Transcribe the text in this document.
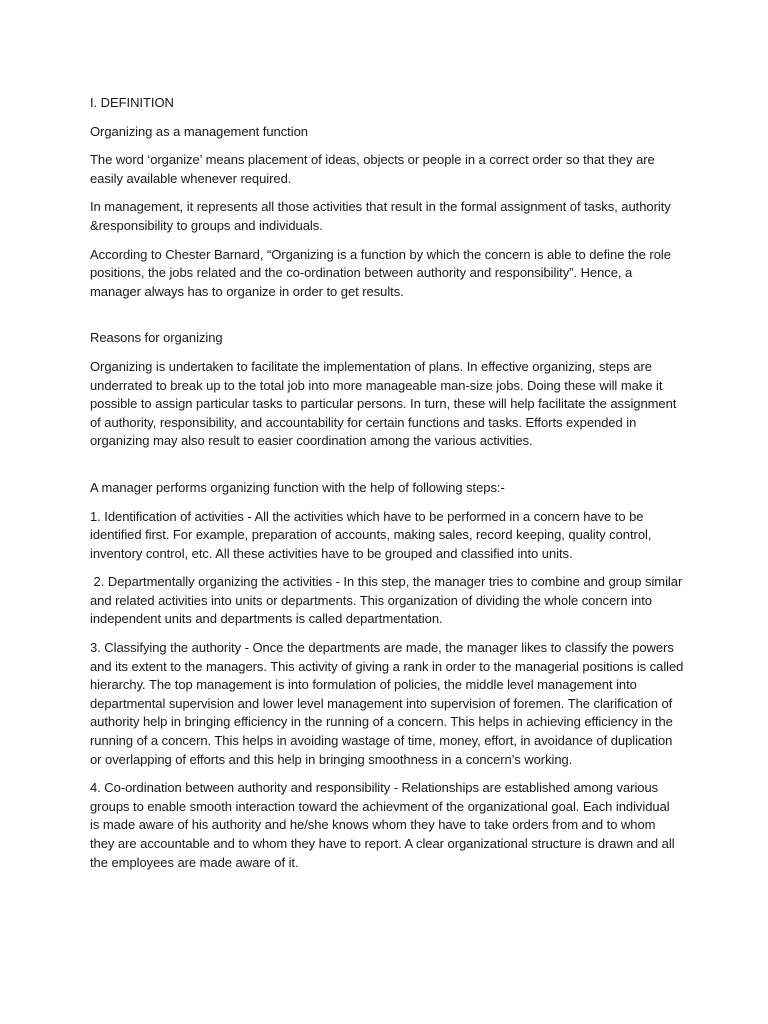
I. DEFINITION

Organizing as a management function

The word ‘organize’ means placement of ideas, objects or people in a correct order so that they are

easily available whenever required.

In management, it represents all those activities that result in the formal assignment of tasks, authority

&responsibility to groups and individuals.

According to Chester Barnard, “Organizing is a function by which the concern is able to define the role

positions, the jobs related and the co-ordination between authority and responsibility”. Hence, a

manager always has to organize in order to get results.

Reasons for organizing

Organizing is undertaken to facilitate the implementation of plans. In effective organizing, steps are

underrated to break up to the total job into more manageable man-size jobs. Doing these will make it

possible to assign particular tasks to particular persons. In turn, these will help facilitate the assignment

of authority, responsibility, and accountability for certain functions and tasks. Efforts expended in

organizing may also result to easier coordination among the various activities.

A manager performs organizing function with the help of following steps:-

1. Identification of activities - All the activities which have to be performed in a concern have to be

identified first. For example, preparation of accounts, making sales, record keeping, quality control,

inventory control, etc. All these activities have to be grouped and classified into units.

2. Departmentally organizing the activities - In this step, the manager tries to combine and group similar

and related activities into units or departments. This organization of dividing the whole concern into

independent units and departments is called departmentation.

3. Classifying the authority - Once the departments are made, the manager likes to classify the powers

and its extent to the managers. This activity of giving a rank in order to the managerial positions is called

hierarchy. The top management is into formulation of policies, the middle level management into

departmental supervision and lower level management into supervision of foremen. The clarification of

authority help in bringing efficiency in the running of a concern. This helps in achieving efficiency in the

running of a concern. This helps in avoiding wastage of time, money, effort, in avoidance of duplication

or overlapping of efforts and this help in bringing smoothness in a concern’s working.

4. Co-ordination between authority and responsibility - Relationships are established among various

groups to enable smooth interaction toward the achievment of the organizational goal. Each individual

is made aware of his authority and he/she knows whom they have to take orders from and to whom

they are accountable and to whom they have to report. A clear organizational structure is drawn and all

the employees are made aware of it.
